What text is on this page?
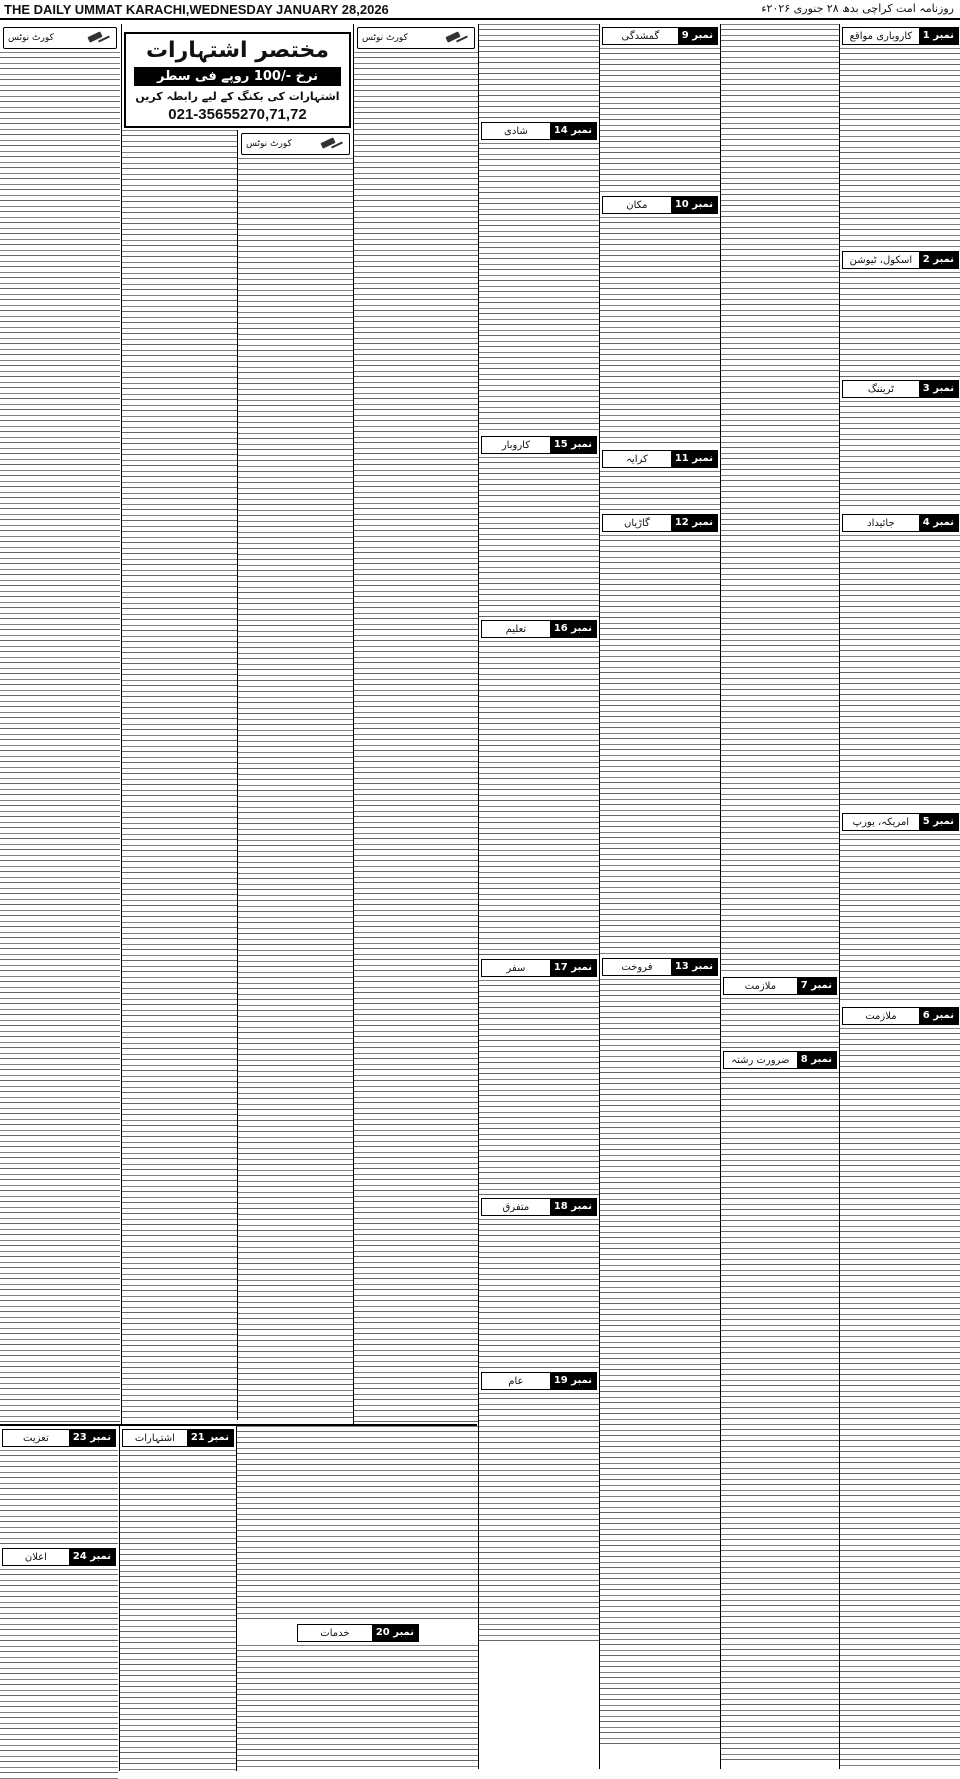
THE DAILY UMMAT KARACHI,WEDNESDAY JANUARY 28,2026	روزنامہ امت کراچی بدھ ۲۸ جنوری ۲۰۲۶ء
کورٹ نوٹس	مختصر اشتہارات
نرخ -/100 روپے فی سطر
اشتہارات کی بکنگ کے لیے رابطہ کریں
021-35655270,71,72
کورٹ نوٹس
کورٹ نوٹس
نمبر 14
شادی
نمبر 15
کاروبار
نمبر 16
تعلیم
نمبر 17
سفر
نمبر 18
متفرق
نمبر 19
عام
نمبر 9
گمشدگی
نمبر 10
مکان
نمبر 11
کرایہ
نمبر 12
گاڑیاں
نمبر 13
فروخت
نمبر 7
ملازمت
نمبر 8
ضرورت رشتہ
نمبر 1
کاروباری مواقع
نمبر 2
اسکول، ٹیوشن
نمبر 3
ٹریننگ
نمبر 4
جائیداد
نمبر 5
امریکہ، یورپ
نمبر 6
ملازمت
نمبر 23
تعزیت
نمبر 24
اعلان
نمبر 21
اشتہارات
نمبر 20
خدمات
